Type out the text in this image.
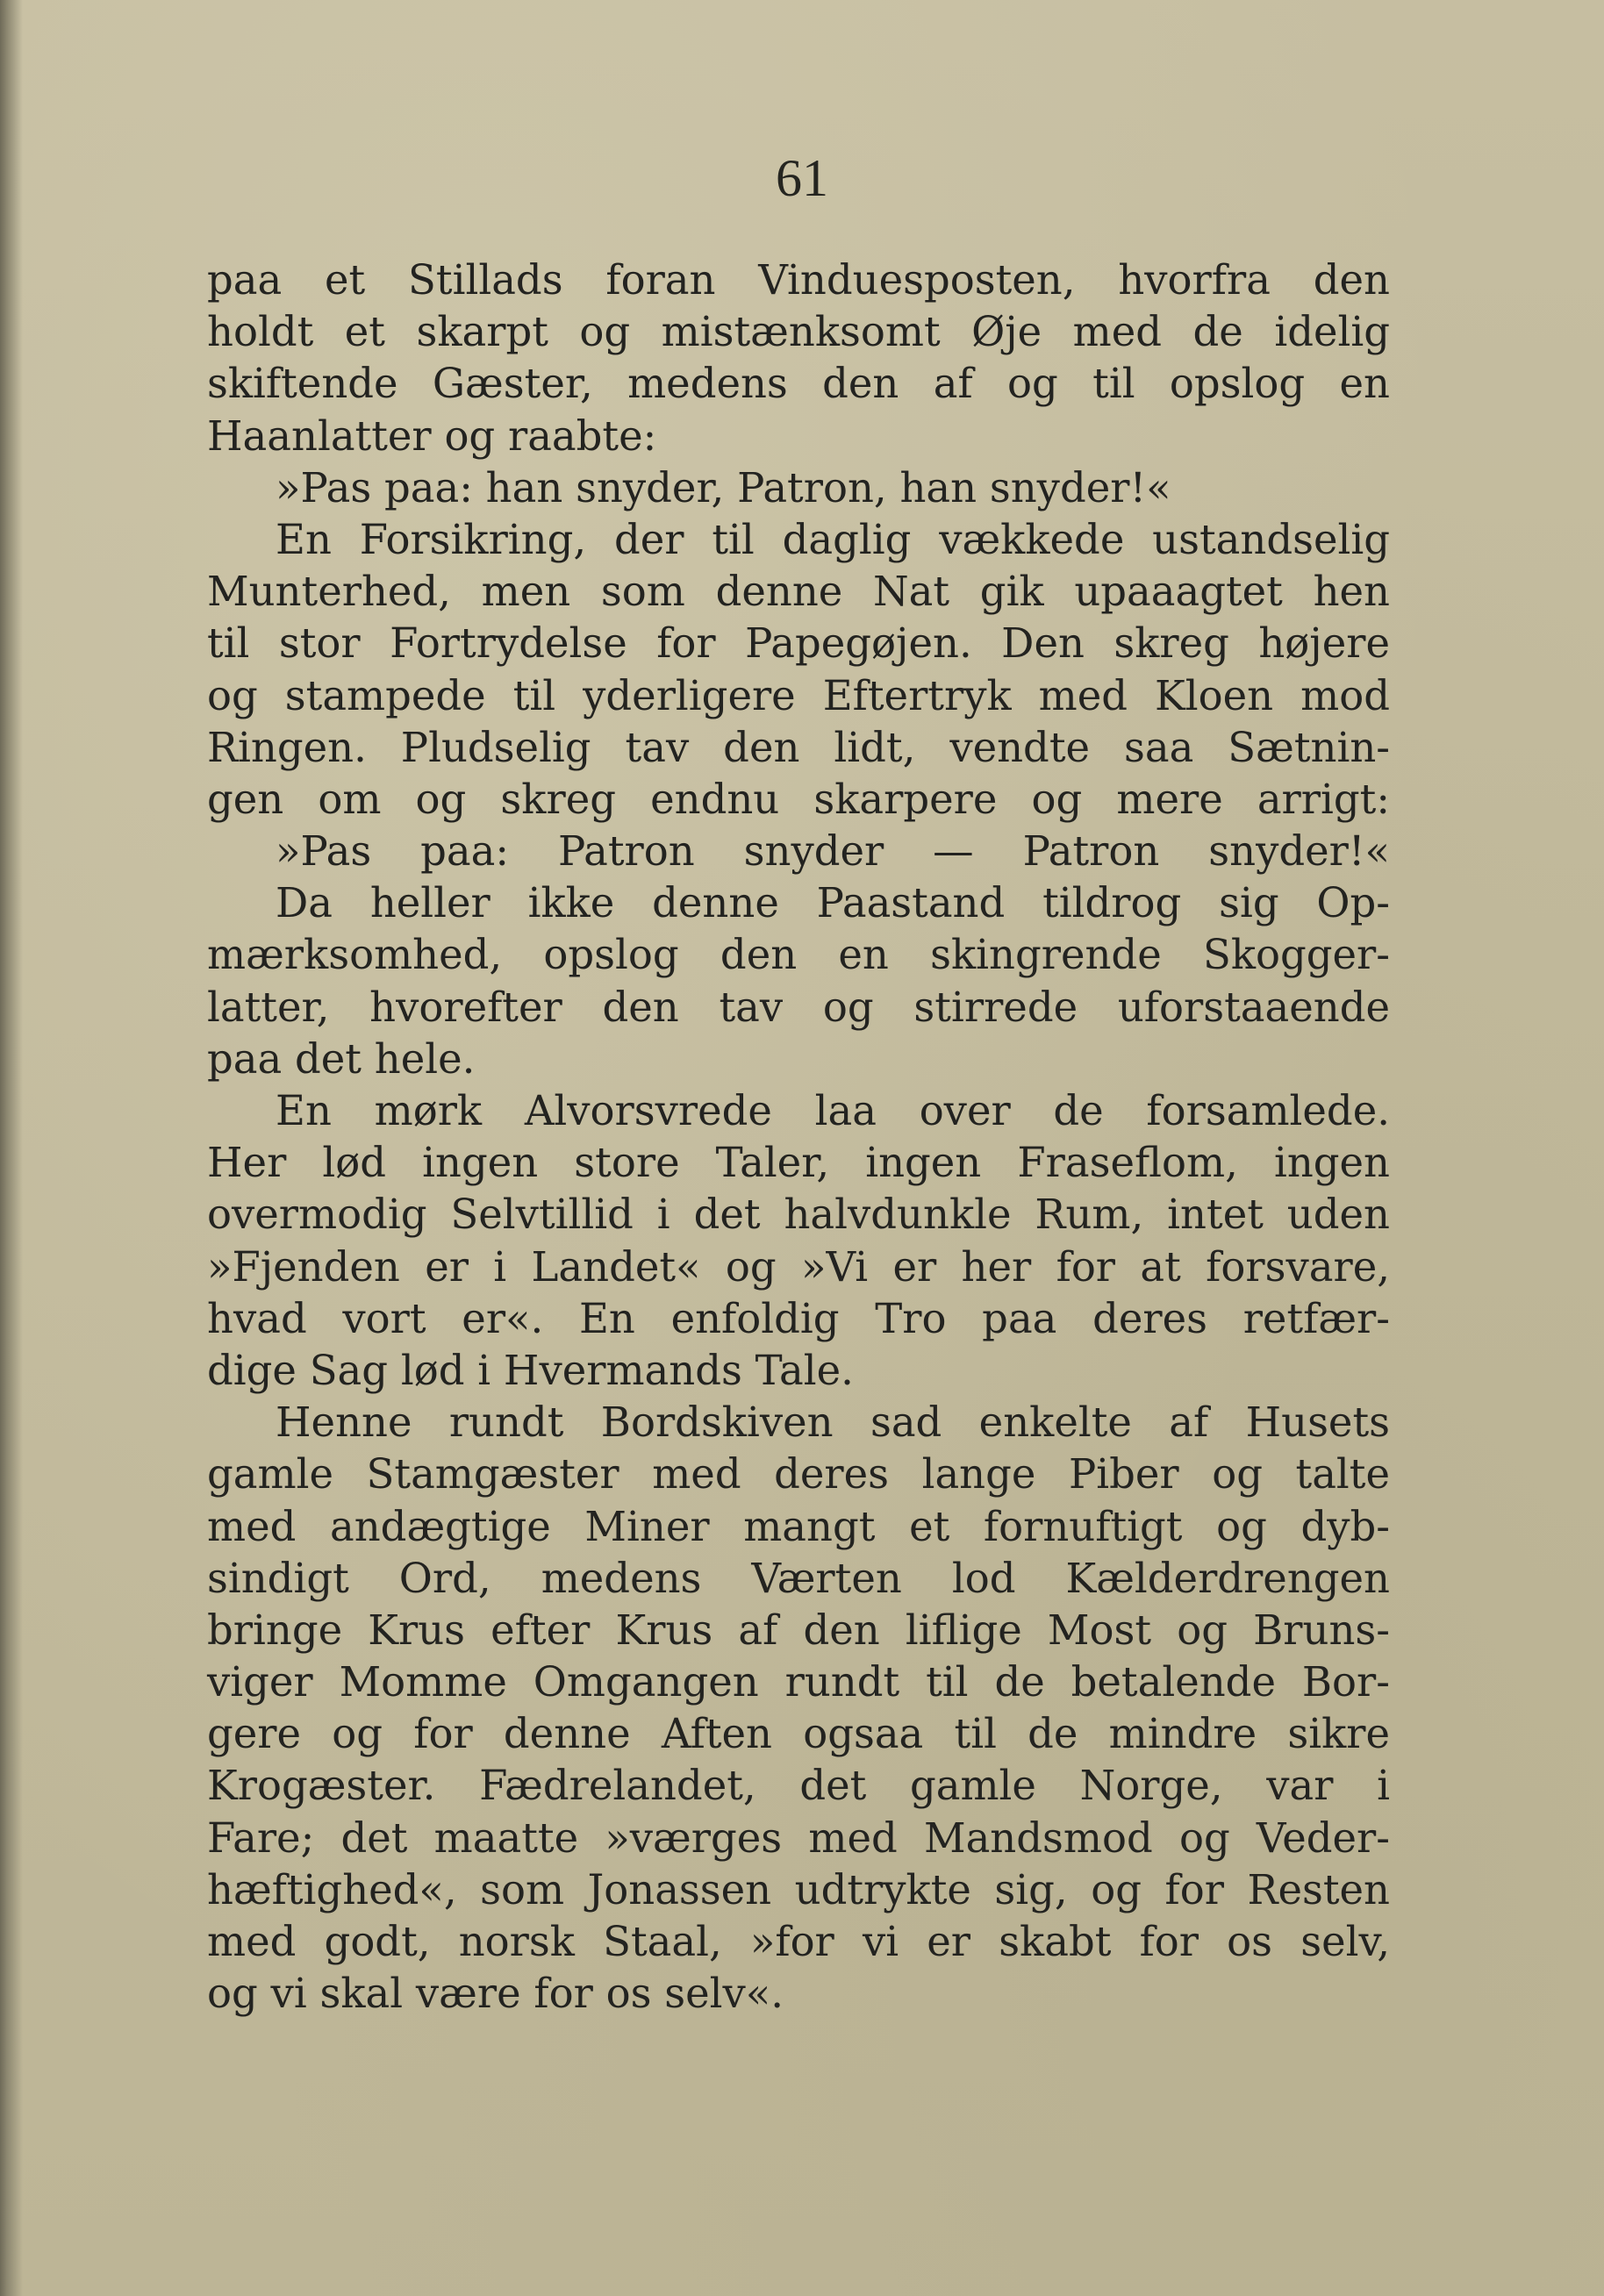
61
paa et Stillads foran Vinduesposten, hvorfra den
holdt et skarpt og mistænksomt Øje med de idelig
skiftende Gæster, medens den af og til opslog en
Haanlatter og raabte:
»Pas paa: han snyder, Patron, han snyder!«
En Forsikring, der til daglig vækkede ustandselig
Munterhed, men som denne Nat gik upaaagtet hen
til stor Fortrydelse for Papegøjen. Den skreg højere
og stampede til yderligere Eftertryk med Kloen mod
Ringen. Pludselig tav den lidt, vendte saa Sætnin-
gen om og skreg endnu skarpere og mere arrigt:
»Pas paa: Patron snyder — Patron snyder!«
Da heller ikke denne Paastand tildrog sig Op-
mærksomhed, opslog den en skingrende Skogger-
latter, hvorefter den tav og stirrede uforstaaende
paa det hele.
En mørk Alvorsvrede laa over de forsamlede.
Her lød ingen store Taler, ingen Fraseflom, ingen
overmodig Selvtillid i det halvdunkle Rum, intet uden
»Fjenden er i Landet« og »Vi er her for at forsvare,
hvad vort er«. En enfoldig Tro paa deres retfær-
dige Sag lød i Hvermands Tale.
Henne rundt Bordskiven sad enkelte af Husets
gamle Stamgæster med deres lange Piber og talte
med andægtige Miner mangt et fornuftigt og dyb-
sindigt Ord, medens Værten lod Kælderdrengen
bringe Krus efter Krus af den liflige Most og Bruns-
viger Momme Omgangen rundt til de betalende Bor-
gere og for denne Aften ogsaa til de mindre sikre
Krogæster. Fædrelandet, det gamle Norge, var i
Fare; det maatte »værges med Mandsmod og Veder-
hæftighed«, som Jonassen udtrykte sig, og for Resten
med godt, norsk Staal, »for vi er skabt for os selv,
og vi skal være for os selv«.
